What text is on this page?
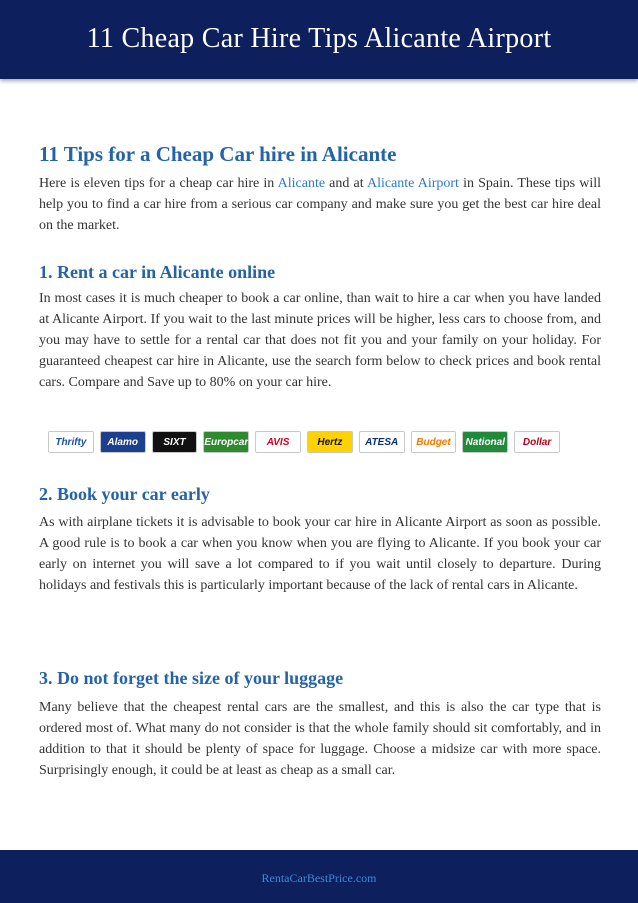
11 Cheap Car Hire Tips Alicante Airport
11 Tips for a Cheap Car hire in Alicante

Here is eleven tips for a cheap car hire in Alicante and at Alicante Airport in Spain. These tips will help you to find a car hire from a serious car company and make sure you get the best car hire deal on the market.

1. Rent a car in Alicante online

In most cases it is much cheaper to book a car online, than wait to hire a car when you have landed at Alicante Airport. If you wait to the last minute prices will be higher, less cars to choose from, and you may have to settle for a rental car that does not fit you and your family on your holiday. For guaranteed cheapest car hire in Alicante, use the search form below to check prices and book rental cars. Compare and Save up to 80% on your car hire.

2. Book your car early

As with airplane tickets it is advisable to book your car hire in Alicante Airport as soon as possible. A good rule is to book a car when you know when you are flying to Alicante. If you book your car early on internet you will save a lot compared to if you wait until closely to departure. During holidays and festivals this is particularly important because of the lack of rental cars in Alicante.

3. Do not forget the size of your luggage

Many believe that the cheapest rental cars are the smallest, and this is also the car type that is ordered most of. What many do not consider is that the whole family should sit comfortably, and in addition to that it should be plenty of space for luggage. Choose a midsize car with more space. Surprisingly enough, it could be at least as cheap as a small car.

Thrifty	Alamo	SIXT	Europcar	AVIS	Hertz	ATESA	Budget	National	Dollar
RentaCarBestPrice.com
